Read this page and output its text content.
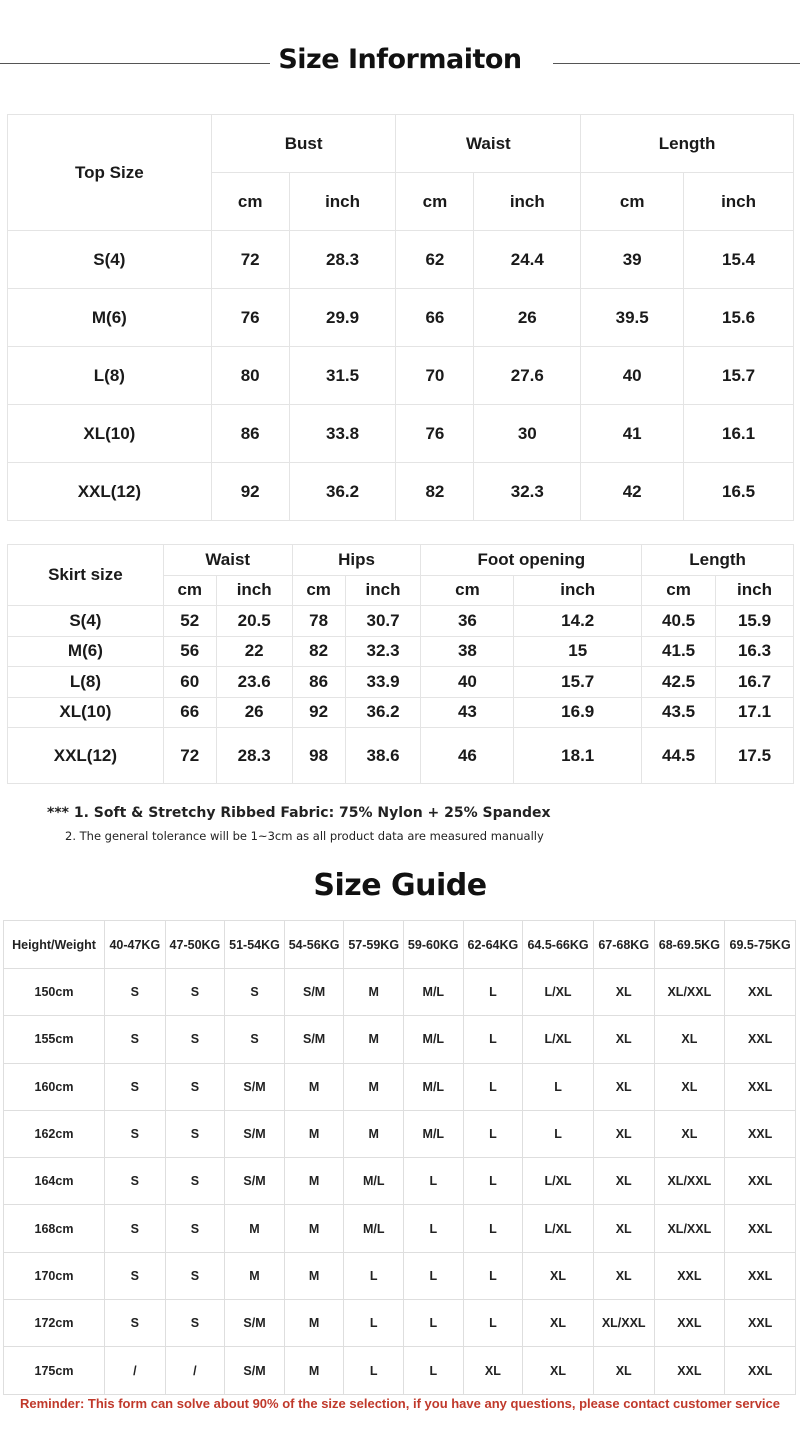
Size Informaiton
Top Size	Bust		Waist		Length	
	cm	inch	cm	inch	cm	inch
S(4)	72	28.3	62	24.4	39	15.4
M(6)	76	29.9	66	26	39.5	15.6
L(8)	80	31.5	70	27.6	40	15.7
XL(10)	86	33.8	76	30	41	16.1
XXL(12)	92	36.2	82	32.3	42	16.5
Skirt size	Waist		Hips		Foot opening		Length	
	cm	inch	cm	inch	cm	inch	cm	inch
S(4)	52	20.5	78	30.7	36	14.2	40.5	15.9
M(6)	56	22	82	32.3	38	15	41.5	16.3
L(8)	60	23.6	86	33.9	40	15.7	42.5	16.7
XL(10)	66	26	92	36.2	43	16.9	43.5	17.1
XXL(12)	72	28.3	98	38.6	46	18.1	44.5	17.5
*** 1. Soft & Stretchy Ribbed Fabric: 75% Nylon + 25% Spandex
2. The general tolerance will be 1~3cm as all product data are measured manually
Size Guide
Height/Weight	40-47KG	47-50KG	51-54KG	54-56KG	57-59KG	59-60KG	62-64KG	64.5-66KG	67-68KG	68-69.5KG	69.5-75KG
150cm	S	S	S	S/M	M	M/L	L	L/XL	XL	XL/XXL	XXL
155cm	S	S	S	S/M	M	M/L	L	L/XL	XL	XL	XXL
160cm	S	S	S/M	M	M	M/L	L	L	XL	XL	XXL
162cm	S	S	S/M	M	M	M/L	L	L	XL	XL	XXL
164cm	S	S	S/M	M	M/L	L	L	L/XL	XL	XL/XXL	XXL
168cm	S	S	M	M	M/L	L	L	L/XL	XL	XL/XXL	XXL
170cm	S	S	M	M	L	L	L	XL	XL	XXL	XXL
172cm	S	S	S/M	M	L	L	L	XL	XL/XXL	XXL	XXL
175cm	/	/	S/M	M	L	L	XL	XL	XL	XXL	XXL
Reminder: This form can solve about 90% of the size selection, if you have any questions, please contact customer service
